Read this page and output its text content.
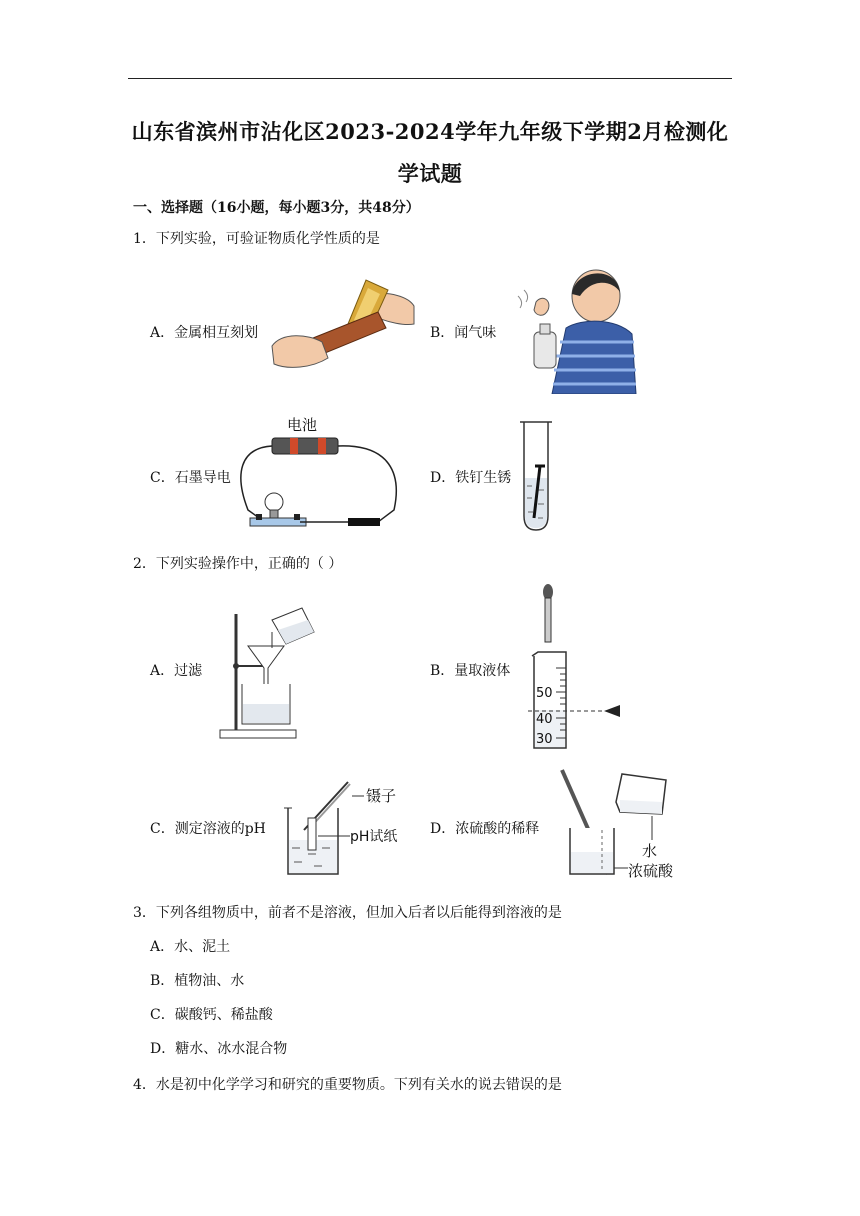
山东省滨州市沾化区2023-2024学年九年级下学期2月检测化
学试题
一、选择题（16小题，每小题3分，共48分）
1．下列实验，可验证物质化学性质的是
A．金属相互刻划	B．闻气味
C．石墨导电
电池
D．铁钉生锈
2．下列实验操作中，正确的（ ）
A．过滤	B．量取液体
50
40
30
C．测定溶液的pH
镊子
pH试纸 D．浓硫酸的稀释
水
浓硫酸
3．下列各组物质中，前者不是溶液，但加入后者以后能得到溶液的是
A．水、泥土
B．植物油、水
C．碳酸钙、稀盐酸
D．糖水、冰水混合物
4．水是初中化学学习和研究的重要物质。下列有关水的说去错误的是
